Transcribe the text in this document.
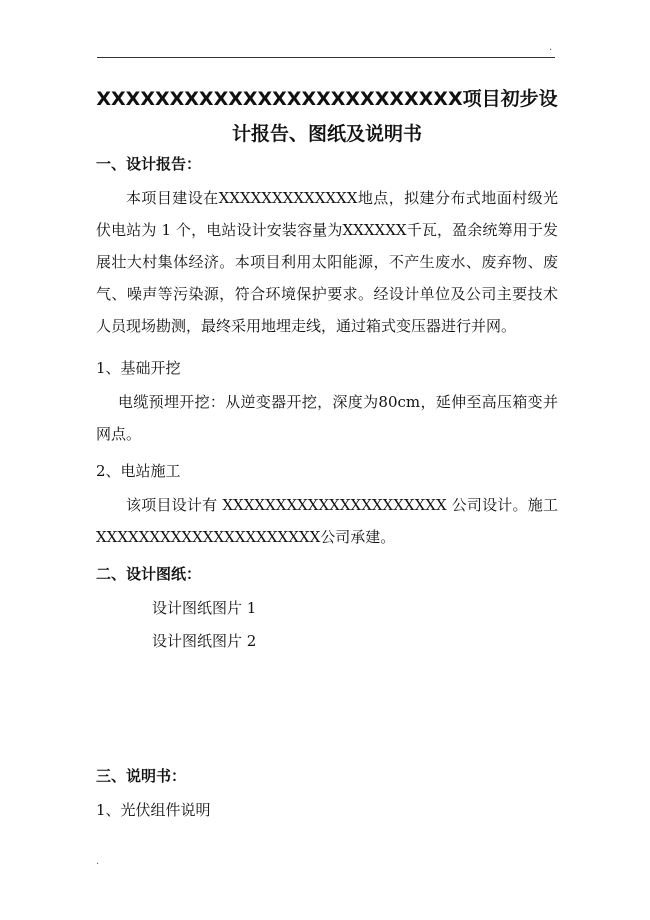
.
XXXXXXXXXXXXXXXXXXXXXXXXX项目初步设计报告、图纸及说明书
一、设计报告：
本项目建设在XXXXXXXXXXXXX地点，拟建分布式地面村级光伏电站为 1 个，电站设计安装容量为XXXXXX千瓦，盈余统筹用于发展壮大村集体经济。本项目利用太阳能源，不产生废水、废弃物、废气、噪声等污染源，符合环境保护要求。经设计单位及公司主要技术人员现场勘测，最终采用地埋走线，通过箱式变压器进行并网。
1、基础开挖
电缆预埋开挖：从逆变器开挖，深度为80cm，延伸至高压箱变并网点。
2、电站施工
该项目设计有 XXXXXXXXXXXXXXXXXXXXX 公司设计。施工XXXXXXXXXXXXXXXXXXXXX公司承建。
二、设计图纸：
设计图纸图片 1
设计图纸图片 2
三、说明书：
1、光伏组件说明
.
